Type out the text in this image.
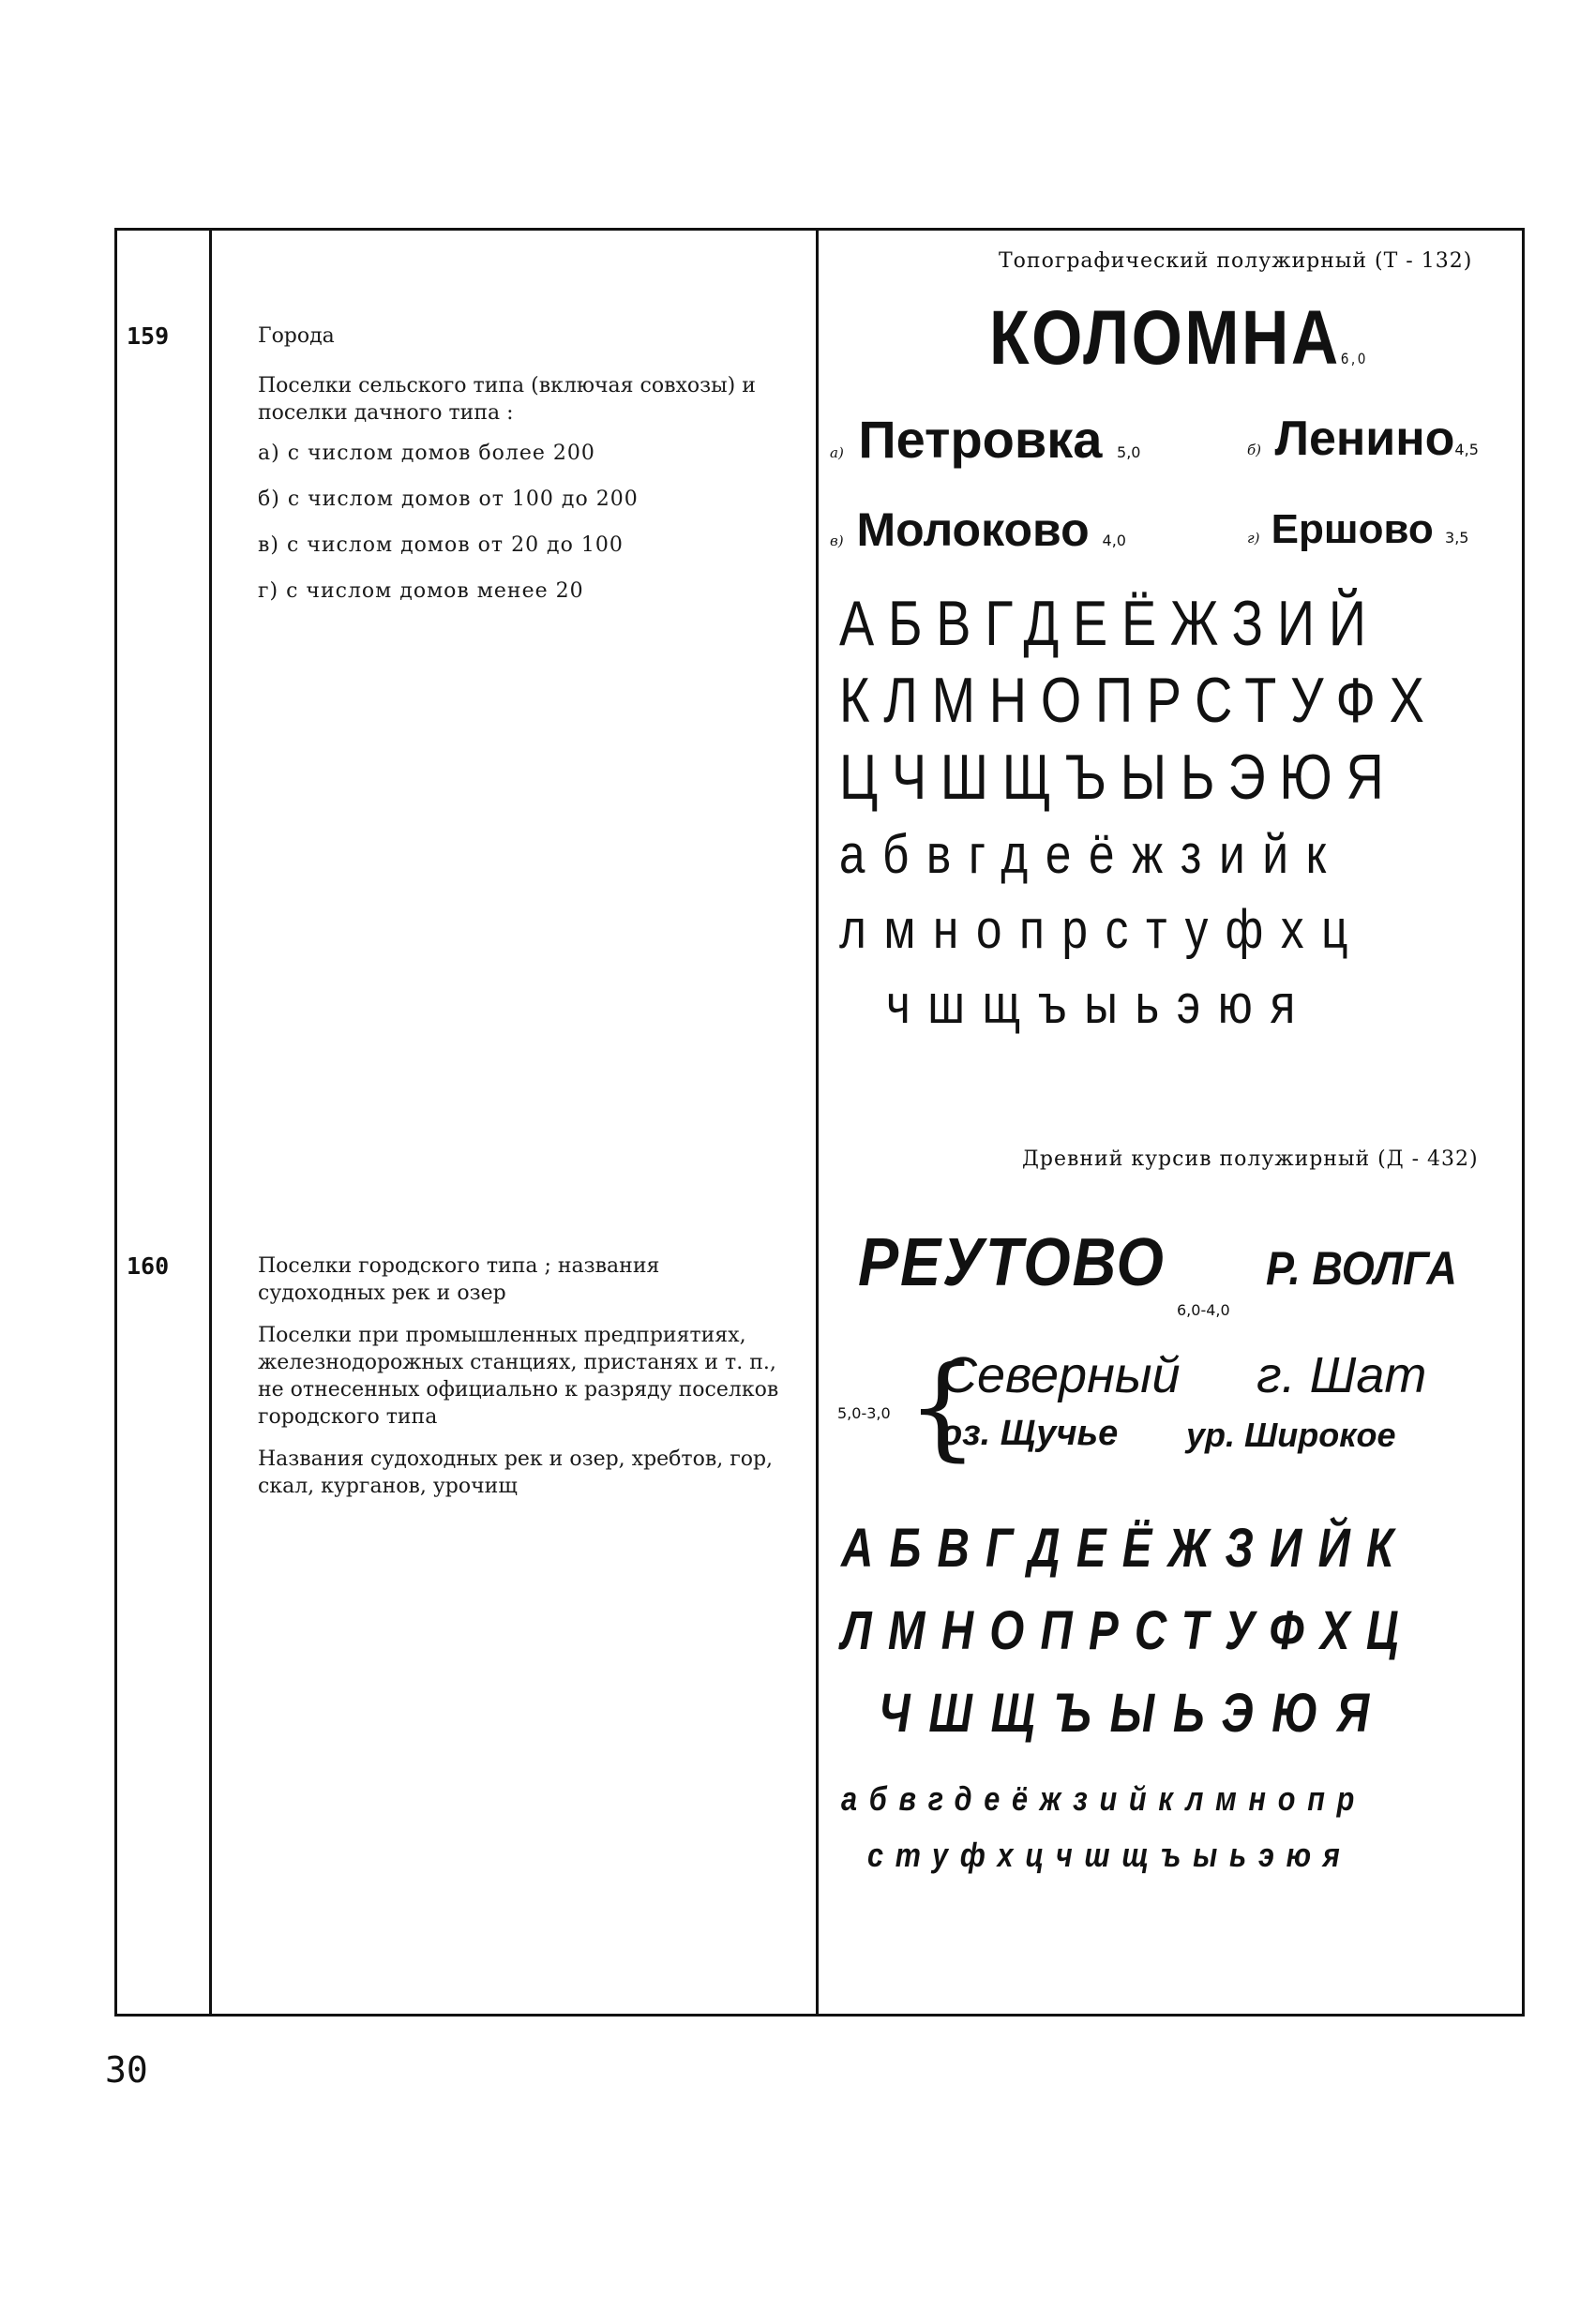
159	Города

Поселки сельского типа (включая совхозы) и поселки дачного типа :

а) с числом домов более 200

б) с числом домов от 100 до 200

в) с числом домов от 20 до 100

г) с числом домов менее 20

Топографический полужирный (Т - 132)
КОЛОМНА6,0
а) Петровка 5,0	б) Ленино4,5
в) Молоково 4,0	г) Ершово 3,5
АБВГДЕЁЖЗИЙ
КЛМНОПРСТУФХ
ЦЧШЩЪЫЬЭЮЯ
абвгдеёжзийк
лмнопрстуфхц
чшщъыьэюя
160	Поселки городского типа ; названия судоходных рек и озер

Поселки при промышленных предприятиях, железнодорожных станциях, пристанях и т. п., не отнесенных официально к разряду поселков городского типа

Названия судоходных рек и озер, хребтов, гор, скал, курганов, урочищ

Древний курсив полужирный (Д - 432)
РЕУТОВО Р. ВОЛГА
6,0-4,0
5,0-3,0 {
Северный г. Шат
оз. Щучье ур. Широкое
АБВГДЕЁЖЗИЙК
ЛМНОПРСТУФХЦ
ЧШЩЪЫЬЭЮЯ
абвгдеёжзийклмнопр
стуфхцчшщъыьэюя
30
